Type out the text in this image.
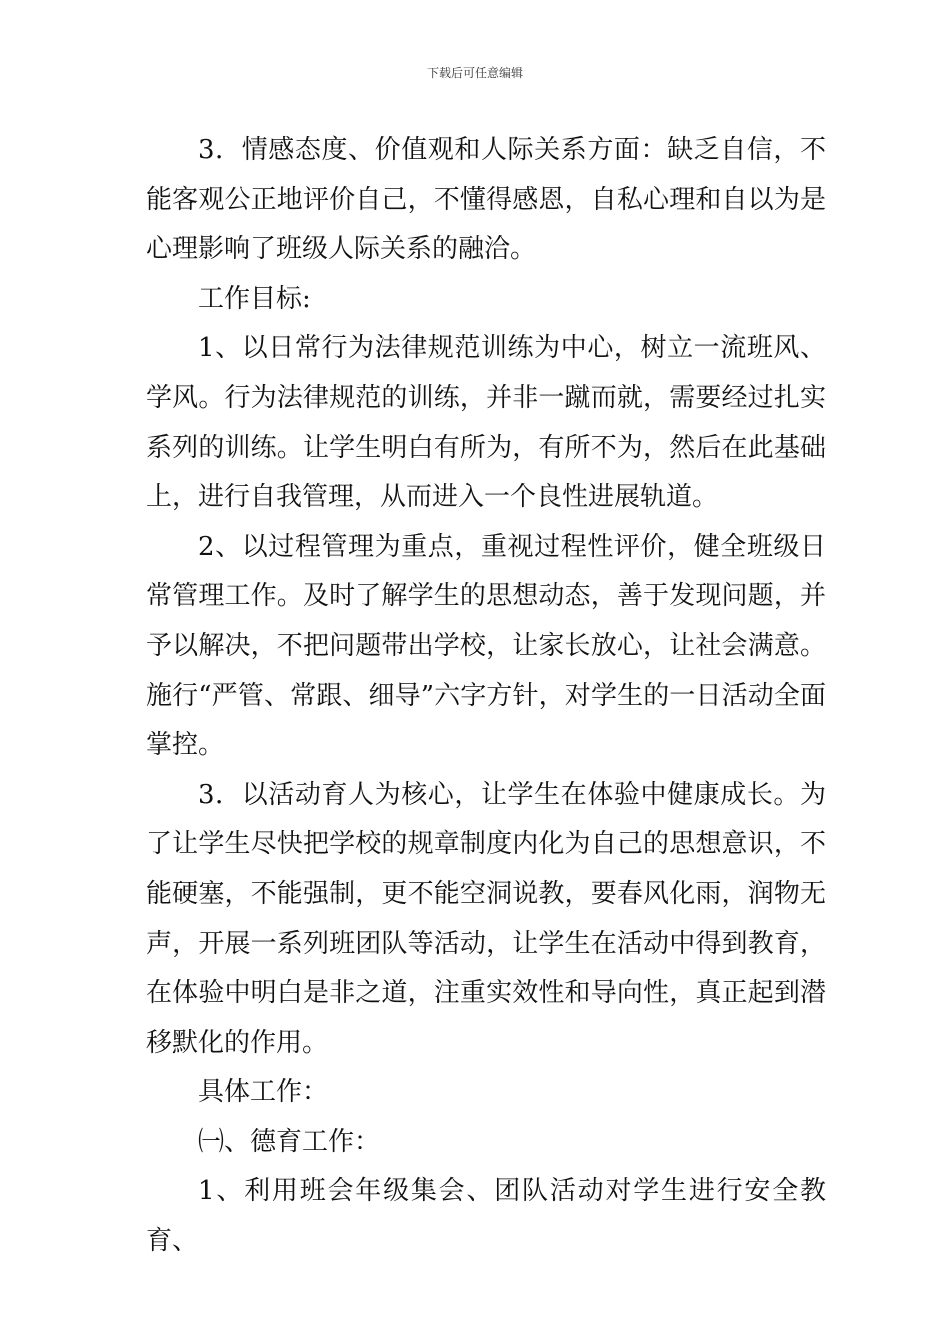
下载后可任意编辑

3．情感态度、价值观和人际关系方面：缺乏自信，不能客观公正地评价自己，不懂得感恩，自私心理和自以为是心理影响了班级人际关系的融洽。

工作目标:

1、以日常行为法律规范训练为中心，树立一流班风、学风。行为法律规范的训练，并非一蹴而就，需要经过扎实系列的训练。让学生明白有所为，有所不为，然后在此基础上，进行自我管理，从而进入一个良性进展轨道。

2、以过程管理为重点，重视过程性评价，健全班级日常管理工作。及时了解学生的思想动态，善于发现问题，并予以解决，不把问题带出学校，让家长放心，让社会满意。施行“严管、常跟、细导”六字方针，对学生的一日活动全面掌控。

3．以活动育人为核心，让学生在体验中健康成长。为了让学生尽快把学校的规章制度内化为自己的思想意识，不能硬塞，不能强制，更不能空洞说教，要春风化雨，润物无声，开展一系列班团队等活动，让学生在活动中得到教育，在体验中明白是非之道，注重实效性和导向性，真正起到潜移默化的作用。

具体工作：

㈠、德育工作：

1、利用班会年级集会、团队活动对学生进行安全教育、
